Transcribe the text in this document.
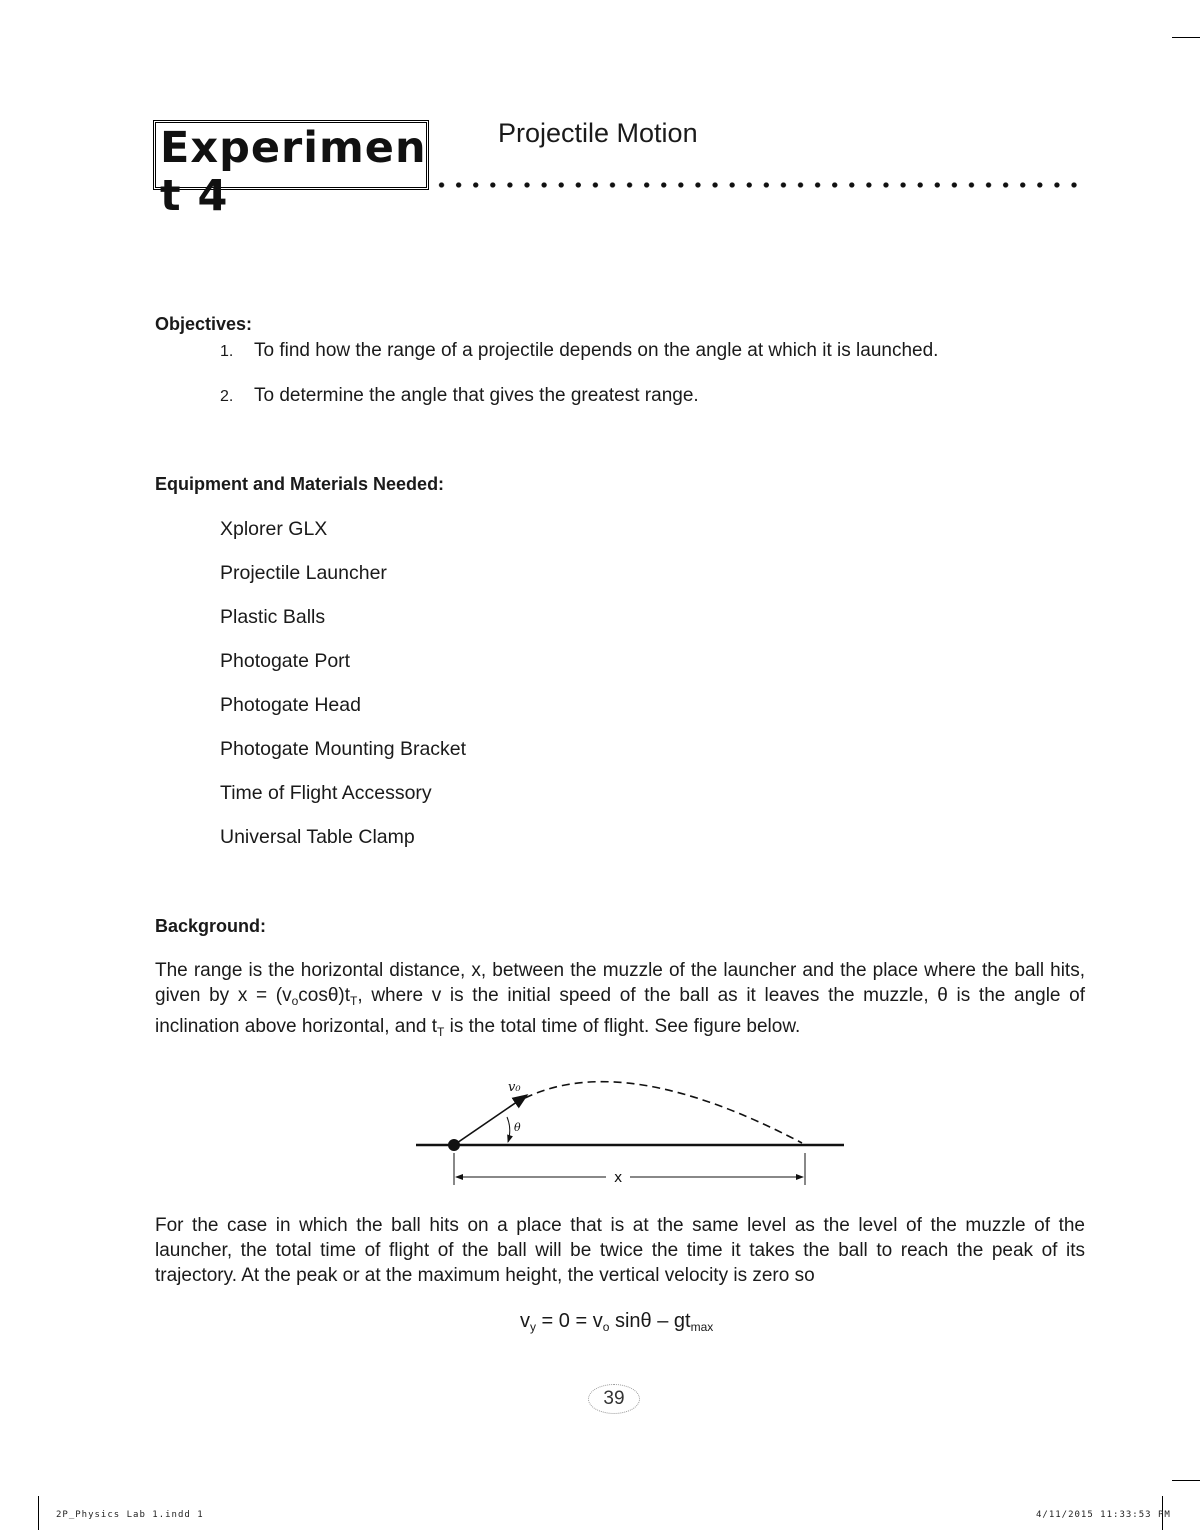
Experiment 4
Projectile Motion
Objectives:
1. To find how the range of a projectile depends on the angle at which it is launched.
2. To determine the angle that gives the greatest range.
Equipment and Materials Needed:
Xplorer GLX
Projectile Launcher
Plastic Balls
Photogate Port
Photogate Head
Photogate Mounting Bracket
Time of Flight Accessory
Universal Table Clamp
Background:
The range is the horizontal distance, x, between the muzzle of the launcher and the place where the ball hits, given by $x = (v_o\cos\theta)t_T$, where v is the initial speed of the ball as it leaves the muzzle, θ is the angle of inclination above horizontal, and $t_T$ is the total time of flight. See figure below.
v₀
θ
x
For the case in which the ball hits on a place that is at the same level as the level of the muzzle of the launcher, the total time of flight of the ball will be twice the time it takes the ball to reach the peak of its trajectory. At the peak or at the maximum height, the vertical velocity is zero so
$v_y = 0 = v_o$ sinθ – $gt_{max}$
39
2P_Physics Lab 1.indd 1	4/11/2015 11:33:53 PM
